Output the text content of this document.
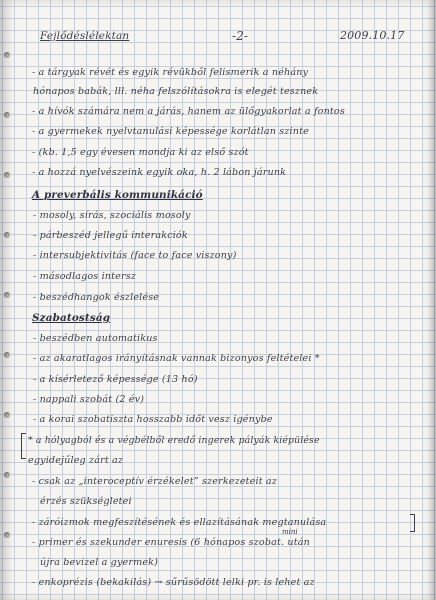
Fejlődéslélektan	-2-	2009.10.17
- a tárgyak révét és egyik révükből felismerik a néhány
hónapos babák, lll. néha felszólításokra is elegét tesznek
- a hívók számára nem a járás, hanem az ülőgyakorlat a fontos
- a gyermekek nyelvtanulási képessége korlátlan szinte
- (kb. 1,5 egy évesen mondja ki az első szót
- a hozzá nyelvészeink egyik oka, h. 2 lábon járunk
A preverbális kommunikáció
- mosoly, sírás, szociális mosoly
- párbeszéd jellegű interakciók
- intersubjektivitás (face to face viszony)
- másodlagos intersz
- beszédhangok észlelése
Szabatostság
- beszédben automatikus
- az akaratlagos irányításnak vannak bizonyos feltételei *
- a kísérletező képessége (13 hó)
- nappali szobát (2 év)
- a korai szobatiszta hosszabb időt vesz igénybe
* a hólyagból és a végbélből eredő ingerek pályák kiépülése
egyidejűleg zárt az
- csak az „interoceptív érzékelet” szerkezeteit az
érzés szükségletei
- záróizmok megfeszítésének és ellazításának megtanulása
mini
- primer és szekunder enuresis (6 hónapos szobat. után
újra bevizel a gyermek)
- enkoprézis (bekakilás) → sűrűsödött lelki pr. is lehet az
